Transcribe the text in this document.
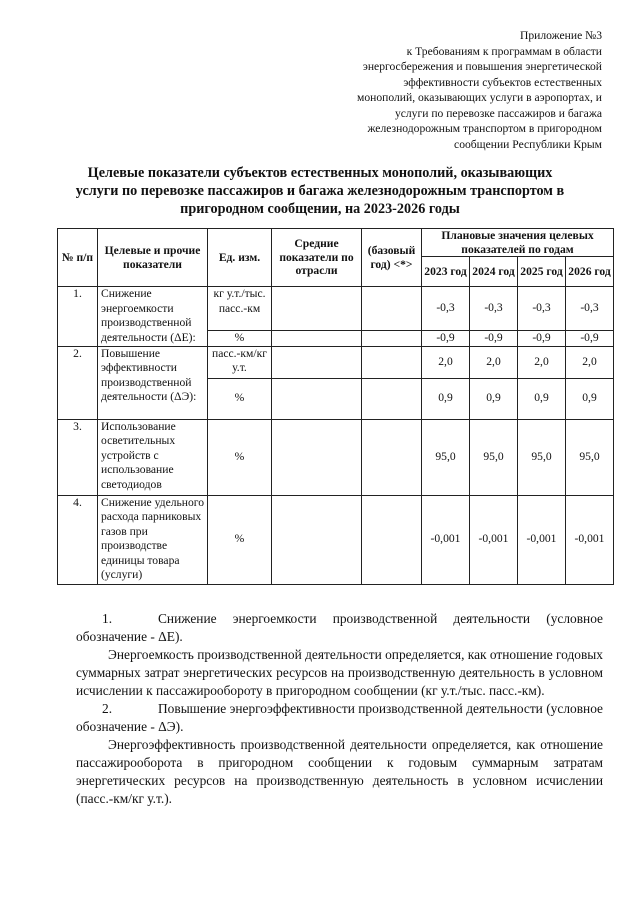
Приложение №3
к Требованиям к программам в области
энергосбережения и повышения энергетической
эффективности субъектов естественных
монополий, оказывающих услуги в аэропортах, и
услуги по перевозке пассажиров и багажа
железнодорожным транспортом в пригородном
сообщении Республики Крым
Целевые показатели субъектов естественных монополий, оказывающих
услуги по перевозке пассажиров и багажа железнодорожным транспортом в
пригородном сообщении, на 2023-2026 годы
№ п/п	Целевые и прочие показатели	Ед. изм.	Средние показатели по отрасли	(базовый год) <*>	Плановые значения целевых показателей по годам			
					2023 год	2024 год	2025 год	2026 год
1.	Снижение энергоемкости производственной деятельности (ΔЕ):	кг у.т./тыс. пасс.-км			-0,3	-0,3	-0,3	-0,3
		%			-0,9	-0,9	-0,9	-0,9
2.	Повышение эффективности производственной деятельности (ΔЭ):	пасс.-км/кг у.т.			2,0	2,0	2,0	2,0
		%			0,9	0,9	0,9	0,9
3.	Использование осветительных устройств с использование светодиодов	%			95,0	95,0	95,0	95,0
4.	Снижение удельного расхода парниковых газов при производстве единицы товара (услуги)	%			-0,001	-0,001	-0,001	-0,001

1.	Снижение энергоемкости производственной деятельности (условное обозначение - ΔЕ).

Энергоемкость производственной деятельности определяется, как отношение годовых суммарных затрат энергетических ресурсов на производственную деятельность в условном исчислении к пассажирообороту в пригородном сообщении (кг у.т./тыс. пасс.-км).

2.	Повышение энергоэффективности производственной деятельности (условное обозначение - ΔЭ).

Энергоэффективность производственной деятельности определяется, как отношение пассажирооборота в пригородном сообщении к годовым суммарным затратам энергетических ресурсов на производственную деятельность в условном исчислении (пасс.-км/кг у.т.).
